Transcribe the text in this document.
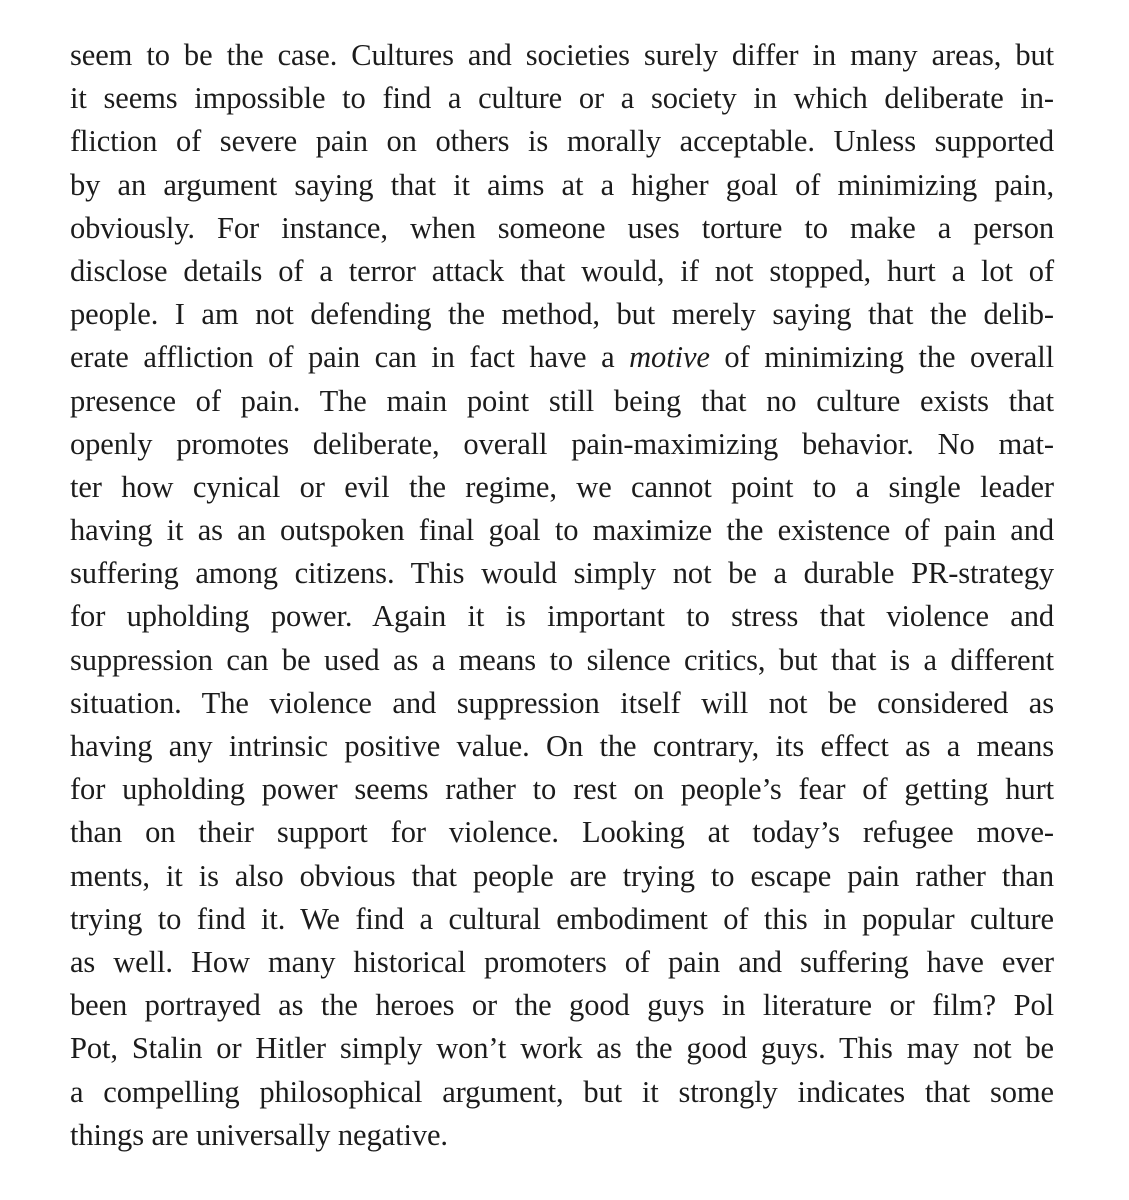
seem to be the case. Cultures and societies surely differ in many areas, but
it seems impossible to find a culture or a society in which deliberate in-
fliction of severe pain on others is morally acceptable. Unless supported
by an argument saying that it aims at a higher goal of minimizing pain,
obviously. For instance, when someone uses torture to make a person
disclose details of a terror attack that would, if not stopped, hurt a lot of
people. I am not defending the method, but merely saying that the delib-
erate affliction of pain can in fact have a motive of minimizing the overall
presence of pain. The main point still being that no culture exists that
openly promotes deliberate, overall pain-maximizing behavior. No mat-
ter how cynical or evil the regime, we cannot point to a single leader
having it as an outspoken final goal to maximize the existence of pain and
suffering among citizens. This would simply not be a durable PR-strategy
for upholding power. Again it is important to stress that violence and
suppression can be used as a means to silence critics, but that is a different
situation. The violence and suppression itself will not be considered as
having any intrinsic positive value. On the contrary, its effect as a means
for upholding power seems rather to rest on people’s fear of getting hurt
than on their support for violence. Looking at today’s refugee move-
ments, it is also obvious that people are trying to escape pain rather than
trying to find it. We find a cultural embodiment of this in popular culture
as well. How many historical promoters of pain and suffering have ever
been portrayed as the heroes or the good guys in literature or film? Pol
Pot, Stalin or Hitler simply won’t work as the good guys. This may not be
a compelling philosophical argument, but it strongly indicates that some
things are universally negative.
